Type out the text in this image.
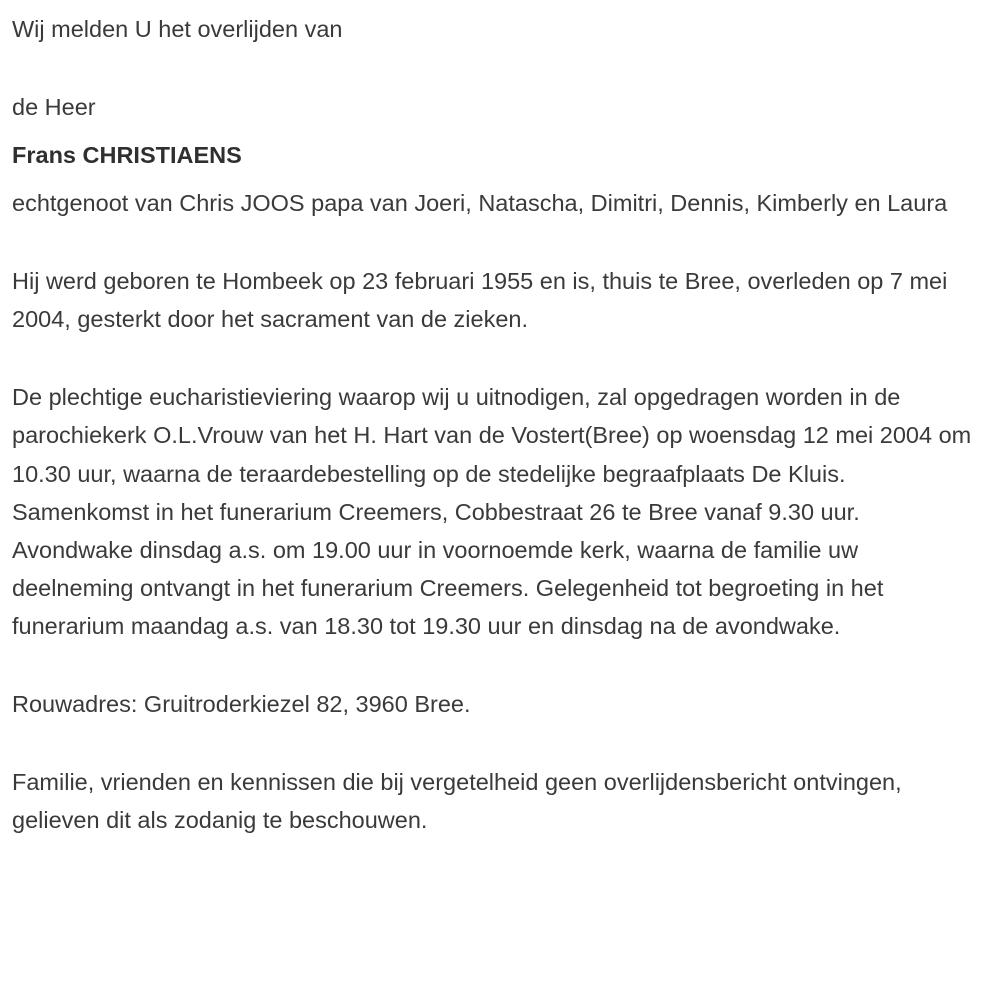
Wij melden U het overlijden van

de Heer

Frans CHRISTIAENS

echtgenoot van Chris JOOS papa van Joeri, Natascha, Dimitri, Dennis, Kimberly en Laura

Hij werd geboren te Hombeek op 23 februari 1955 en is, thuis te Bree, overleden op 7 mei 2004, gesterkt door het sacrament van de zieken.

De plechtige eucharistieviering waarop wij u uitnodigen, zal opgedragen worden in de parochiekerk O.L.Vrouw van het H. Hart van de Vostert(Bree) op woensdag 12 mei 2004 om 10.30 uur, waarna de teraardebestelling op de stedelijke begraafplaats De Kluis. Samenkomst in het funerarium Creemers, Cobbestraat 26 te Bree vanaf 9.30 uur. Avondwake dinsdag a.s. om 19.00 uur in voornoemde kerk, waarna de familie uw deelneming ontvangt in het funerarium Creemers. Gelegenheid tot begroeting in het funerarium maandag a.s. van 18.30 tot 19.30 uur en dinsdag na de avondwake.

Rouwadres: Gruitroderkiezel 82, 3960 Bree.

Familie, vrienden en kennissen die bij vergetelheid geen overlijdensbericht ontvingen, gelieven dit als zodanig te beschouwen.
